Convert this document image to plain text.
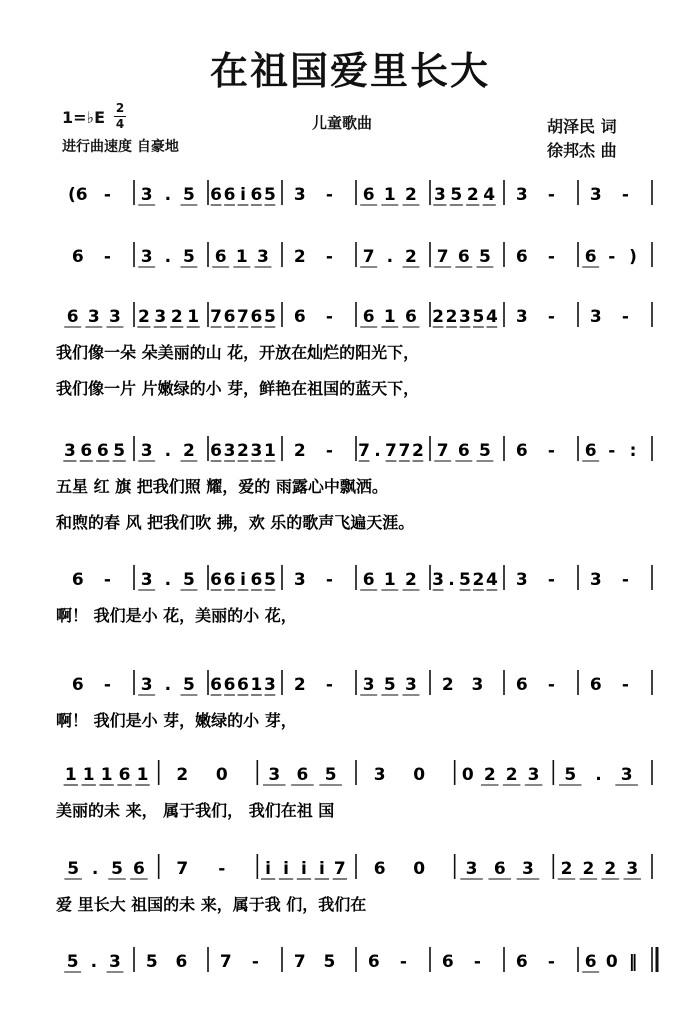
在祖国爱里长大
1=♭E 2
4
进行曲速度 自豪地
儿童歌曲	胡泽民 词
徐邦杰 曲
(6 - 3 . 5 6 6 i 6 5 3 - 6 1 2 3 5 2 4 3 - 3 -
6 - 3 . 5 6 1 3 2 - 7 . 2 7 6 5 6 - 6 - )
6 3 3 2 3 2 1 7 6 7 6 5 6 - 6 1 6 2 2 3 5 4 3 - 3 -
我们像一朵 朵美丽的山 花，开放在灿烂的阳光下，
我们像一片 片嫩绿的小 芽，鲜艳在祖国的蓝天下，
3 6 6 5 3 . 2 6 3 2 3 1 2 - 7 . 7 7 2 7 6 5 6 - 6 - :
五星 红 旗 把我们照 耀，爱的 雨露心中飘洒。
和煦的春 风 把我们吹 拂，欢 乐的歌声飞遍天涯。
6 - 3 . 5 6 6 i 6 5 3 - 6 1 2 3 . 5 2 4 3 - 3 -
啊！ 我们是小 花，美丽的小 花，
6 - 3 . 5 6 6 6 1 3 2 - 3 5 3 2 3 6 - 6 -
啊！ 我们是小 芽，嫩绿的小 芽，
1 1 1 6 1 2 0 3 6 5 3 0 0 2 2 3 5 . 3
美丽的未 来， 属于我们， 我们在祖 国
5 . 5 6 7 - i i i i 7 6 0 3 6 3 2 2 2 3
爱 里长大 祖国的未 来，属于我 们，我们在
5 . 3 5 6 7 - 7 5 6 - 6 - 6 - 6 0 ‖
